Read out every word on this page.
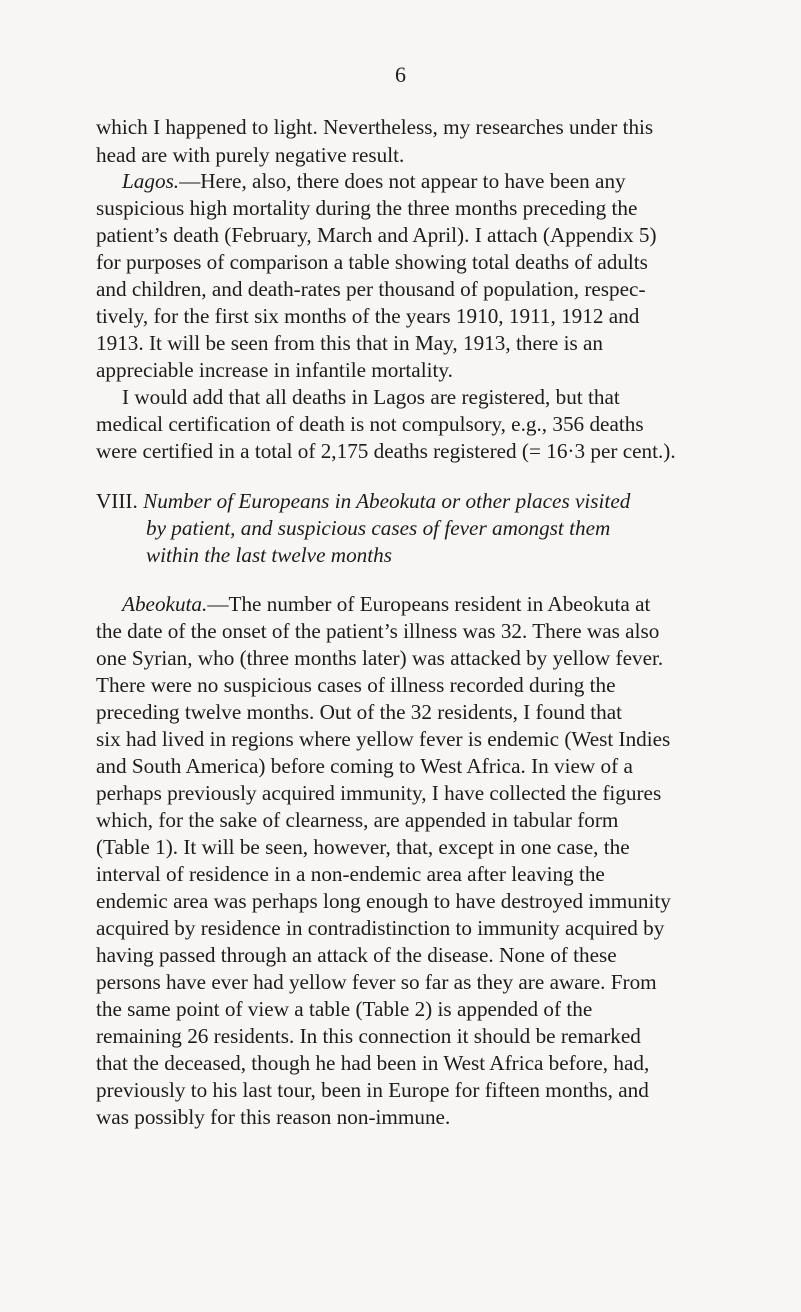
6
which I happened to light. Nevertheless, my researches under this
head are with purely negative result.
Lagos.—Here, also, there does not appear to have been any
suspicious high mortality during the three months preceding the
patient’s death (February, March and April). I attach (Appendix 5)
for purposes of comparison a table showing total deaths of adults
and children, and death-rates per thousand of population, respec-
tively, for the first six months of the years 1910, 1911, 1912 and
1913. It will be seen from this that in May, 1913, there is an
appreciable increase in infantile mortality.
I would add that all deaths in Lagos are registered, but that
medical certification of death is not compulsory, e.g., 356 deaths
were certified in a total of 2,175 deaths registered (= 16·3 per cent.).
VIII. Number of Europeans in Abeokuta or other places visited
by patient, and suspicious cases of fever amongst them
within the last twelve months
Abeokuta.—The number of Europeans resident in Abeokuta at
the date of the onset of the patient’s illness was 32. There was also
one Syrian, who (three months later) was attacked by yellow fever.
There were no suspicious cases of illness recorded during the
preceding twelve months. Out of the 32 residents, I found that
six had lived in regions where yellow fever is endemic (West Indies
and South America) before coming to West Africa. In view of a
perhaps previously acquired immunity, I have collected the figures
which, for the sake of clearness, are appended in tabular form
(Table 1). It will be seen, however, that, except in one case, the
interval of residence in a non-endemic area after leaving the
endemic area was perhaps long enough to have destroyed immunity
acquired by residence in contradistinction to immunity acquired by
having passed through an attack of the disease. None of these
persons have ever had yellow fever so far as they are aware. From
the same point of view a table (Table 2) is appended of the
remaining 26 residents. In this connection it should be remarked
that the deceased, though he had been in West Africa before, had,
previously to his last tour, been in Europe for fifteen months, and
was possibly for this reason non-immune.
